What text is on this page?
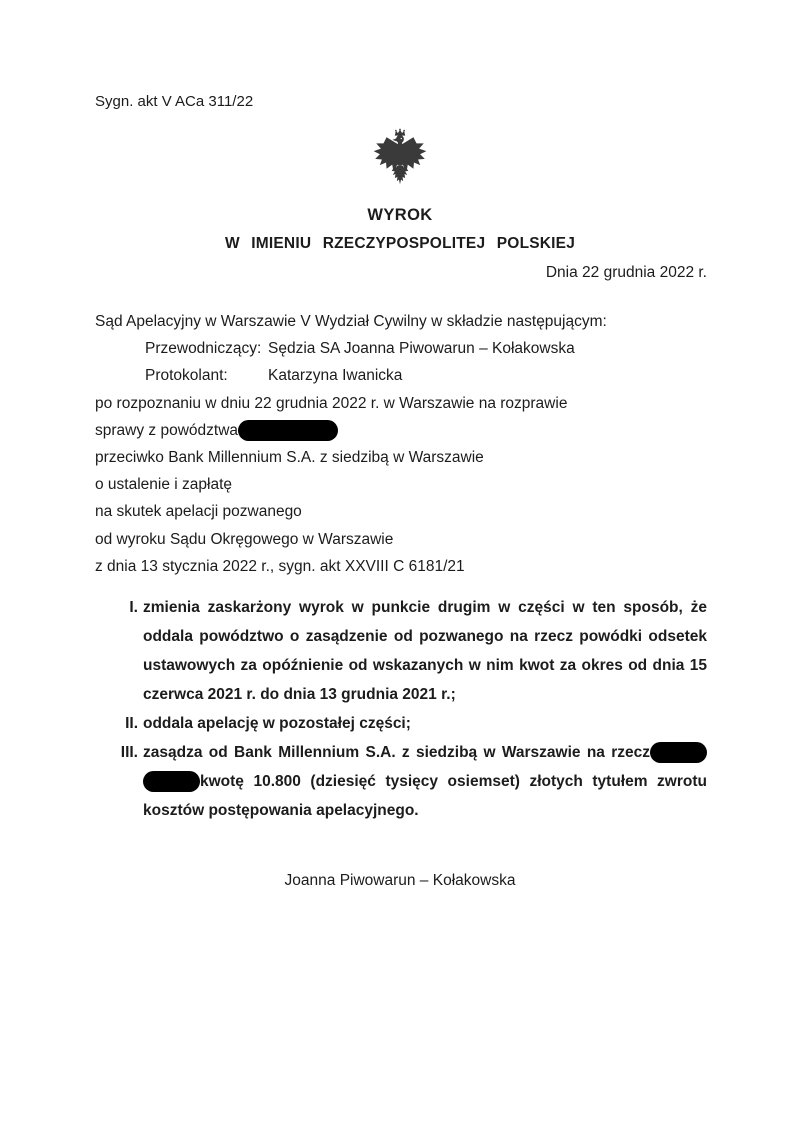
Sygn. akt V ACa 311/22
WYROK
W IMIENIU RZECZYPOSPOLITEJ POLSKIEJ
Dnia 22 grudnia 2022 r.
Sąd Apelacyjny w Warszawie V Wydział Cywilny w składzie następującym:
Przewodniczący: Sędzia SA Joanna Piwowarun – Kołakowska
Protokolant:	Katarzyna Iwanicka
po rozpoznaniu w dniu 22 grudnia 2022 r. w Warszawie na rozprawie
sprawy z powództwa
przeciwko Bank Millennium S.A. z siedzibą w Warszawie
o ustalenie i zapłatę
na skutek apelacji pozwanego
od wyroku Sądu Okręgowego w Warszawie
z dnia 13 stycznia 2022 r., sygn. akt XXVIII C 6181/21
I. zmienia zaskarżony wyrok w punkcie drugim w części w ten sposób, że oddala powództwo o zasądzenie od pozwanego na rzecz powódki odsetek ustawowych za opóźnienie od wskazanych w nim kwot za okres od dnia 15 czerwca 2021 r. do dnia 13 grudnia 2021 r.;
II. oddala apelację w pozostałej części;
III. zasądza od Bank Millennium S.A. z siedzibą w Warszawie na rzecz
kwotę 10.800 (dziesięć tysięcy osiemset) złotych tytułem zwrotu
kosztów postępowania apelacyjnego.
Joanna Piwowarun – Kołakowska
